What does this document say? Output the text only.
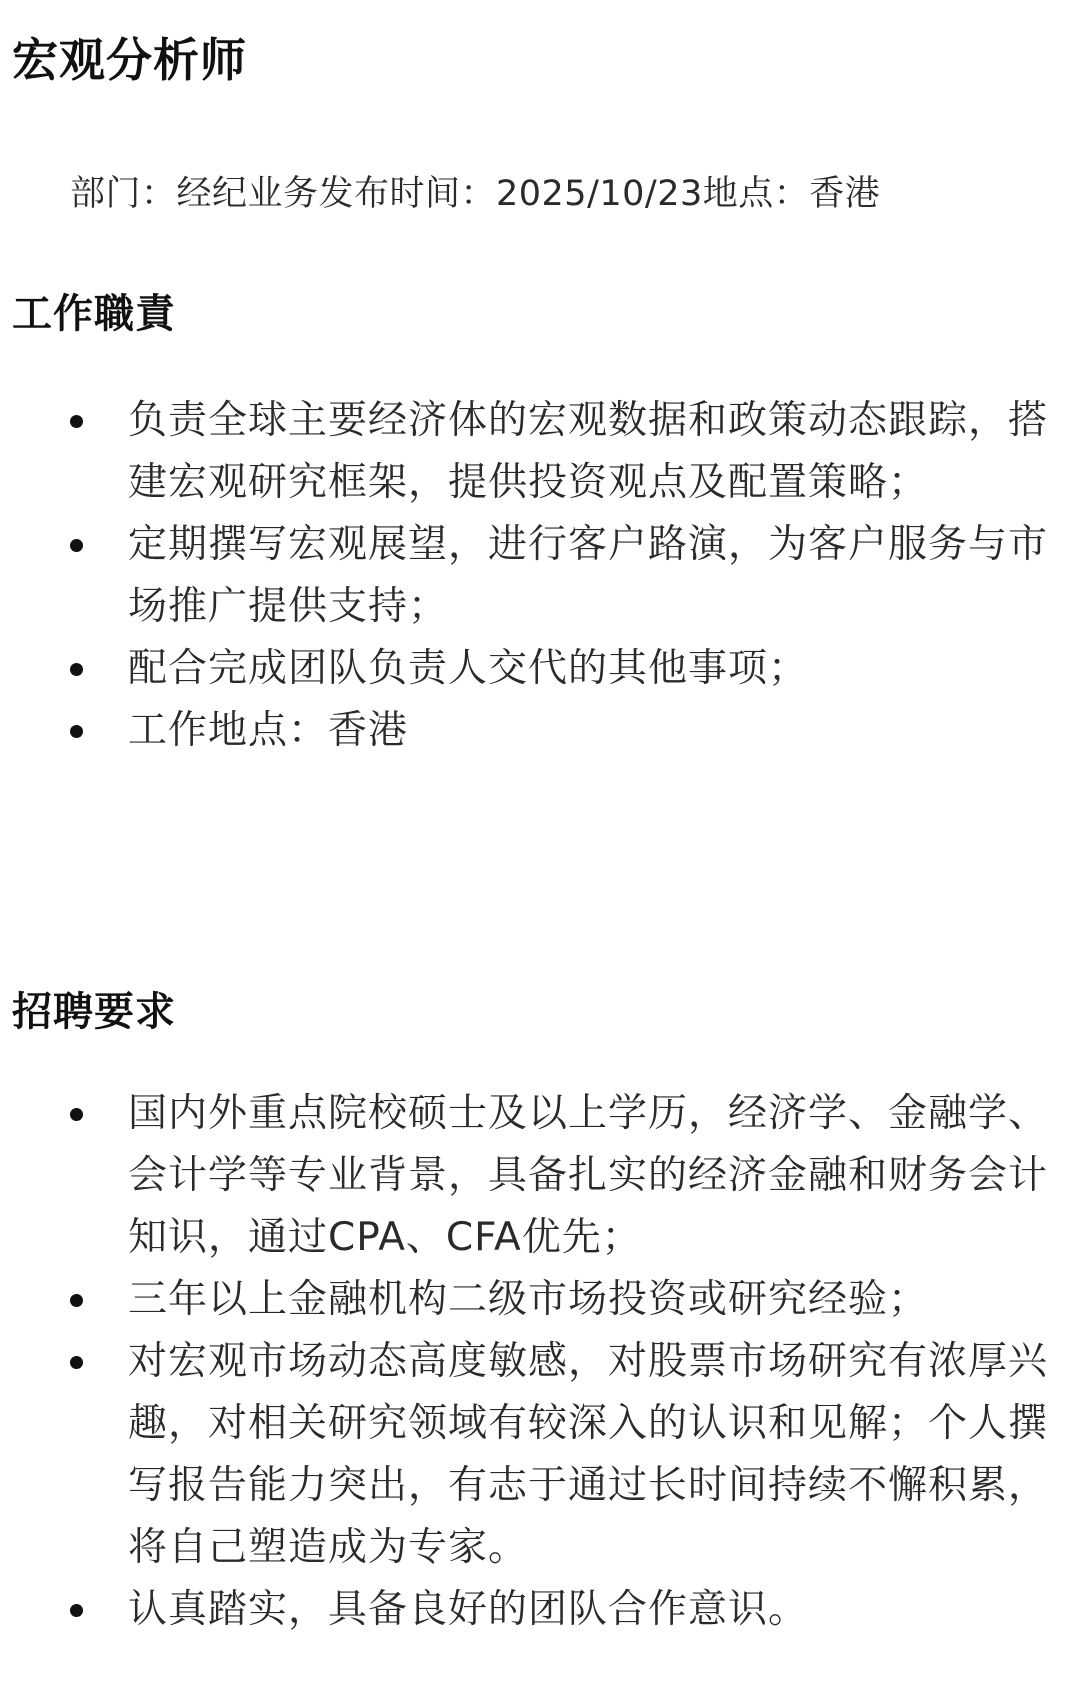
宏观分析师
部门：经纪业务发布时间：2025/10/23地点：香港
工作職責
负责全球主要经济体的宏观数据和政策动态跟踪，搭建宏观研究框架，提供投资观点及配置策略；
定期撰写宏观展望，进行客户路演，为客户服务与市场推广提供支持；
配合完成团队负责人交代的其他事项；
工作地点：香港
招聘要求
国内外重点院校硕士及以上学历，经济学、金融学、会计学等专业背景，具备扎实的经济金融和财务会计知识，通过CPA、CFA优先；
三年以上金融机构二级市场投资或研究经验；
对宏观市场动态高度敏感，对股票市场研究有浓厚兴趣，对相关研究领域有较深入的认识和见解；个人撰写报告能力突出，有志于通过长时间持续不懈积累，将自己塑造成为专家。
认真踏实，具备良好的团队合作意识。
